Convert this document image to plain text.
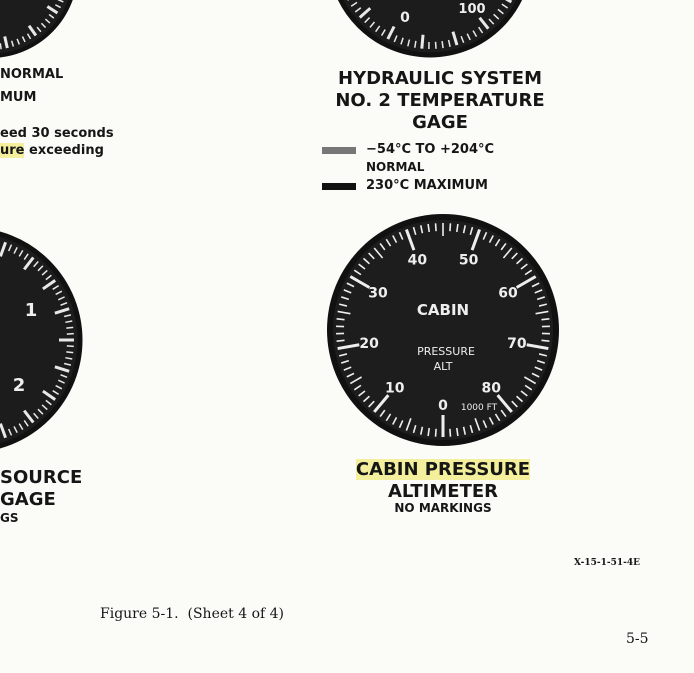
0
100
1
2
0
10
20
30
40 50
60
70
80
CABIN
PRESSURE
ALT
1000 FT
NORMAL
MUM
eed 30 seconds
ure exceeding
SOURCE
GAGE
GS
HYDRAULIC SYSTEM
NO. 2 TEMPERATURE
GAGE
−54°C TO +204°C
NORMAL
230°C MAXIMUM
CABIN PRESSURE
ALTIMETER
NO MARKINGS
X-15-1-51-4E
Figure 5-1.  (Sheet 4 of 4)
5-5
